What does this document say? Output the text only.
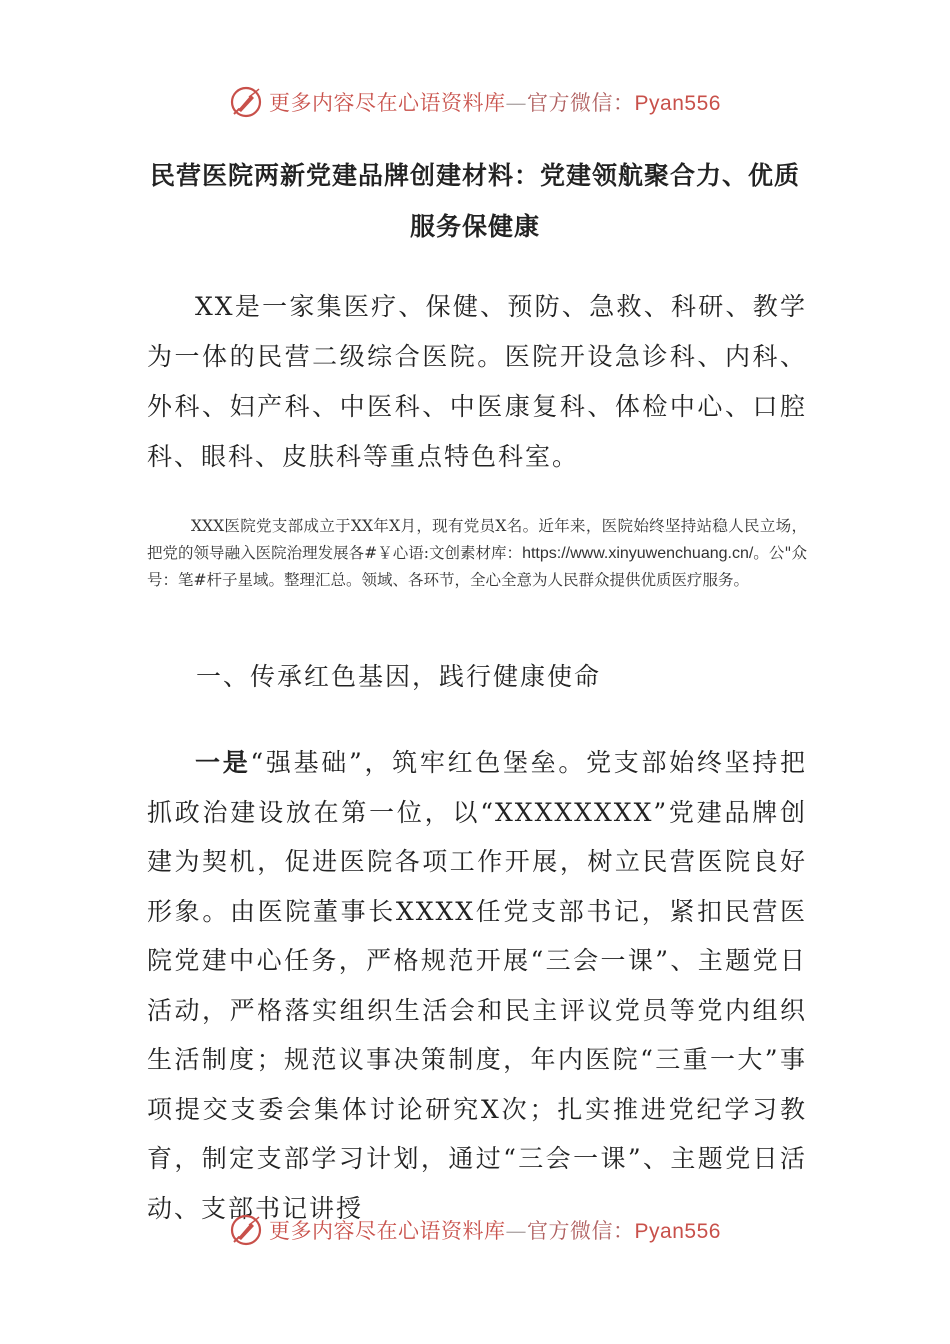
更多内容尽在心语资料库—官方微信：Pyan556
民营医院两新党建品牌创建材料：党建领航聚合力、优质服务保健康
XX是一家集医疗、保健、预防、急救、科研、教学为一体的民营二级综合医院。医院开设急诊科、内科、外科、妇产科、中医科、中医康复科、体检中心、口腔科、眼科、皮肤科等重点特色科室。
XXX医院党支部成立于XX年X月，现有党员X名。近年来，医院始终坚持站稳人民立场，把党的领导融入医院治理发展各#￥心语:文创素材库：https://www.xinyuwenchuang.cn/。公"众号：笔#杆子星域。整理汇总。领域、各环节，全心全意为人民群众提供优质医疗服务。
一、传承红色基因，践行健康使命
一是“强基础”，筑牢红色堡垒。党支部始终坚持把抓政治建设放在第一位，以“XXXXXXXX”党建品牌创建为契机，促进医院各项工作开展，树立民营医院良好形象。由医院董事长XXXX任党支部书记，紧扣民营医院党建中心任务，严格规范开展“三会一课”、主题党日活动，严格落实组织生活会和民主评议党员等党内组织生活制度；规范议事决策制度，年内医院“三重一大”事项提交支委会集体讨论研究X次；扎实推进党纪学习教育，制定支部学习计划，通过“三会一课”、主题党日活动、支部书记讲授
更多内容尽在心语资料库—官方微信：Pyan556
